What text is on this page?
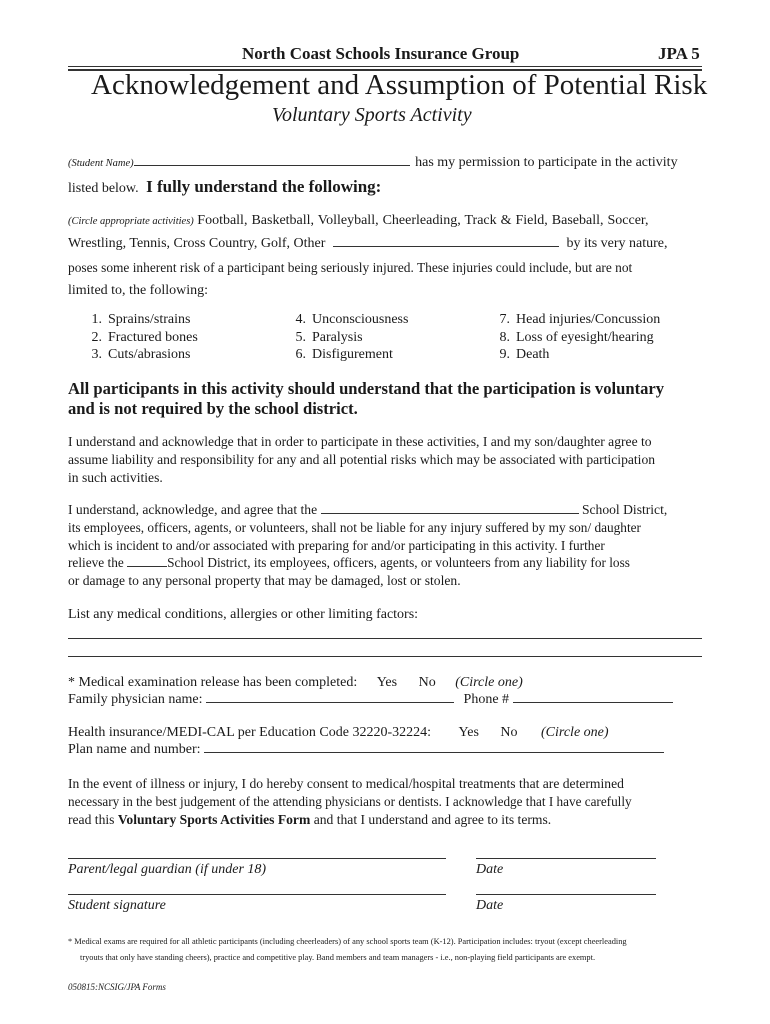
North Coast Schools Insurance Group	JPA 5
Acknowledgement and Assumption of Potential Risk
Voluntary Sports Activity
(Student Name)	has my permission to participate in the activity
listed below. I fully understand the following:
(Circle appropriate activities) Football, Basketball, Volleyball, Cheerleading, Track & Field, Baseball, Soccer,
Wrestling, Tennis, Cross Country, Golf, Other	by its very nature,
poses some inherent risk of a participant being seriously injured. These injuries could include, but are not
limited to, the following:
1. Sprains/strains
2. Fractured bones
3. Cuts/abrasions
4. Unconsciousness
5. Paralysis
6. Disfigurement
7. Head injuries/Concussion
8. Loss of eyesight/hearing
9. Death
All participants in this activity should understand that the participation is voluntary
and is not required by the school district.
I understand and acknowledge that in order to participate in these activities, I and my son/daughter agree to
assume liability and responsibility for any and all potential risks which may be associated with participation
in such activities.
I understand, acknowledge, and agree that the	School District,
its employees, officers, agents, or volunteers, shall not be liable for any injury suffered by my son/ daughter
which is incident to and/or associated with preparing for and/or participating in this activity. I further
relieve the	School District, its employees, officers, agents, or volunteers from any liability for loss
or damage to any personal property that may be damaged, lost or stolen.
List any medical conditions, allergies or other limiting factors:
* Medical examination release has been completed: Yes No (Circle one)
Family physician name:	Phone #
Health insurance/MEDI-CAL per Education Code 32220-32224: Yes No (Circle one)
Plan name and number:
In the event of illness or injury, I do hereby consent to medical/hospital treatments that are determined
necessary in the best judgement of the attending physicians or dentists. I acknowledge that I have carefully
read this Voluntary Sports Activities Form and that I understand and agree to its terms.
Parent/legal guardian (if under 18)	Date
Student signature	Date
* Medical exams are required for all athletic participants (including cheerleaders) of any school sports team (K-12). Participation includes: tryout (except cheerleading
tryouts that only have standing cheers), practice and competitive play. Band members and team managers - i.e., non-playing field participants are exempt.
050815:NCSIG/JPA Forms
